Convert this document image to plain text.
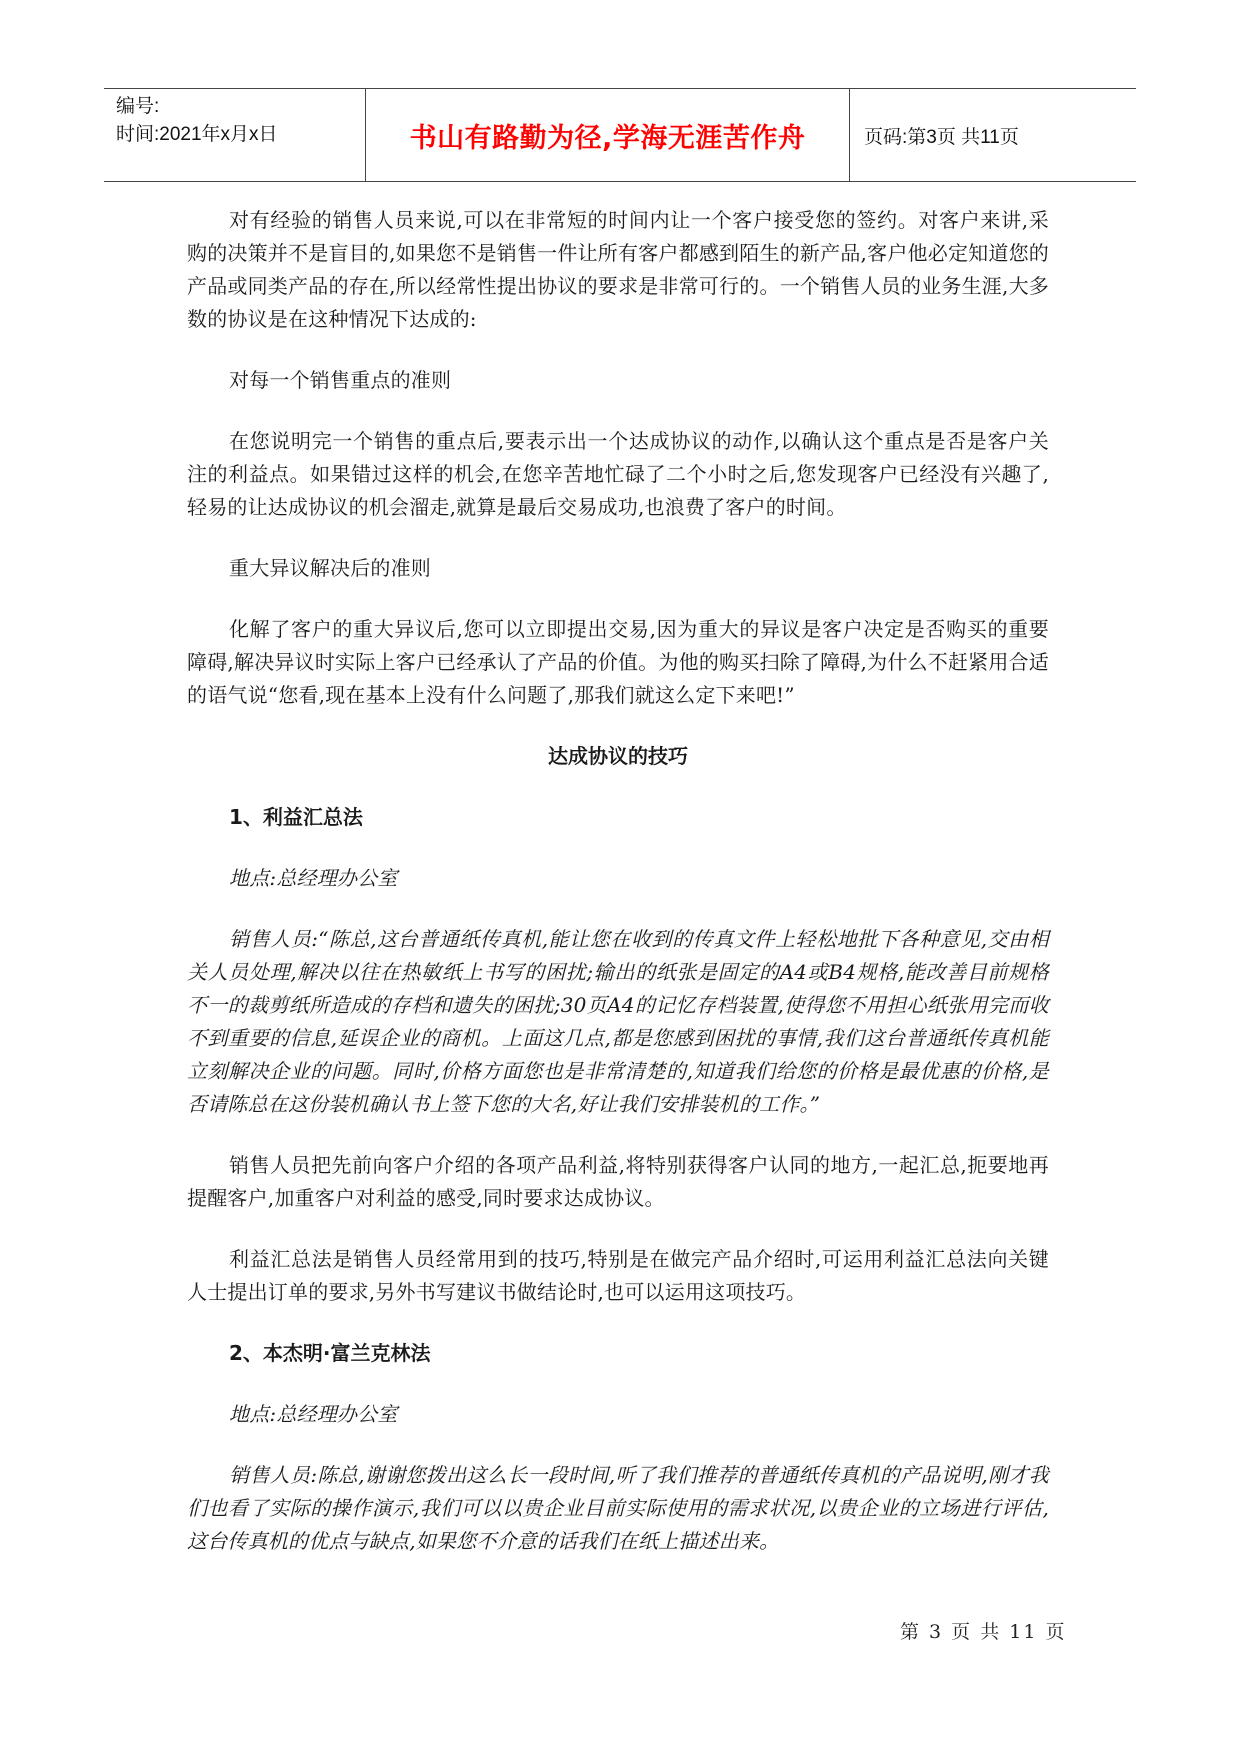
编号:
时间:2021年x月x日	书山有路勤为径,学海无涯苦作舟	页码:第3页 共11页

对有经验的销售人员来说,可以在非常短的时间内让一个客户接受您的签约。对客户来讲,采购的决策并不是盲目的,如果您不是销售一件让所有客户都感到陌生的新产品,客户他必定知道您的产品或同类产品的存在,所以经常性提出协议的要求是非常可行的。一个销售人员的业务生涯,大多数的协议是在这种情况下达成的:

对每一个销售重点的准则

在您说明完一个销售的重点后,要表示出一个达成协议的动作,以确认这个重点是否是客户关注的利益点。如果错过这样的机会,在您辛苦地忙碌了二个小时之后,您发现客户已经没有兴趣了,轻易的让达成协议的机会溜走,就算是最后交易成功,也浪费了客户的时间。

重大异议解决后的准则

化解了客户的重大异议后,您可以立即提出交易,因为重大的异议是客户决定是否购买的重要障碍,解决异议时实际上客户已经承认了产品的价值。为他的购买扫除了障碍,为什么不赶紧用合适的语气说“您看,现在基本上没有什么问题了,那我们就这么定下来吧!”

达成协议的技巧
1、利益汇总法

地点:总经理办公室

销售人员:“陈总,这台普通纸传真机,能让您在收到的传真文件上轻松地批下各种意见,交由相关人员处理,解决以往在热敏纸上书写的困扰;输出的纸张是固定的A4或B4规格,能改善目前规格不一的裁剪纸所造成的存档和遗失的困扰;30页A4的记忆存档装置,使得您不用担心纸张用完而收不到重要的信息,延误企业的商机。上面这几点,都是您感到困扰的事情,我们这台普通纸传真机能立刻解决企业的问题。同时,价格方面您也是非常清楚的,知道我们给您的价格是最优惠的价格,是否请陈总在这份装机确认书上签下您的大名,好让我们安排装机的工作。”

销售人员把先前向客户介绍的各项产品利益,将特别获得客户认同的地方,一起汇总,扼要地再提醒客户,加重客户对利益的感受,同时要求达成协议。

利益汇总法是销售人员经常用到的技巧,特别是在做完产品介绍时,可运用利益汇总法向关键人士提出订单的要求,另外书写建议书做结论时,也可以运用这项技巧。

2、本杰明·富兰克林法

地点:总经理办公室

销售人员:陈总,谢谢您拨出这么长一段时间,听了我们推荐的普通纸传真机的产品说明,刚才我们也看了实际的操作演示,我们可以以贵企业目前实际使用的需求状况,以贵企业的立场进行评估,这台传真机的优点与缺点,如果您不介意的话我们在纸上描述出来。

第 3 页 共 11 页
